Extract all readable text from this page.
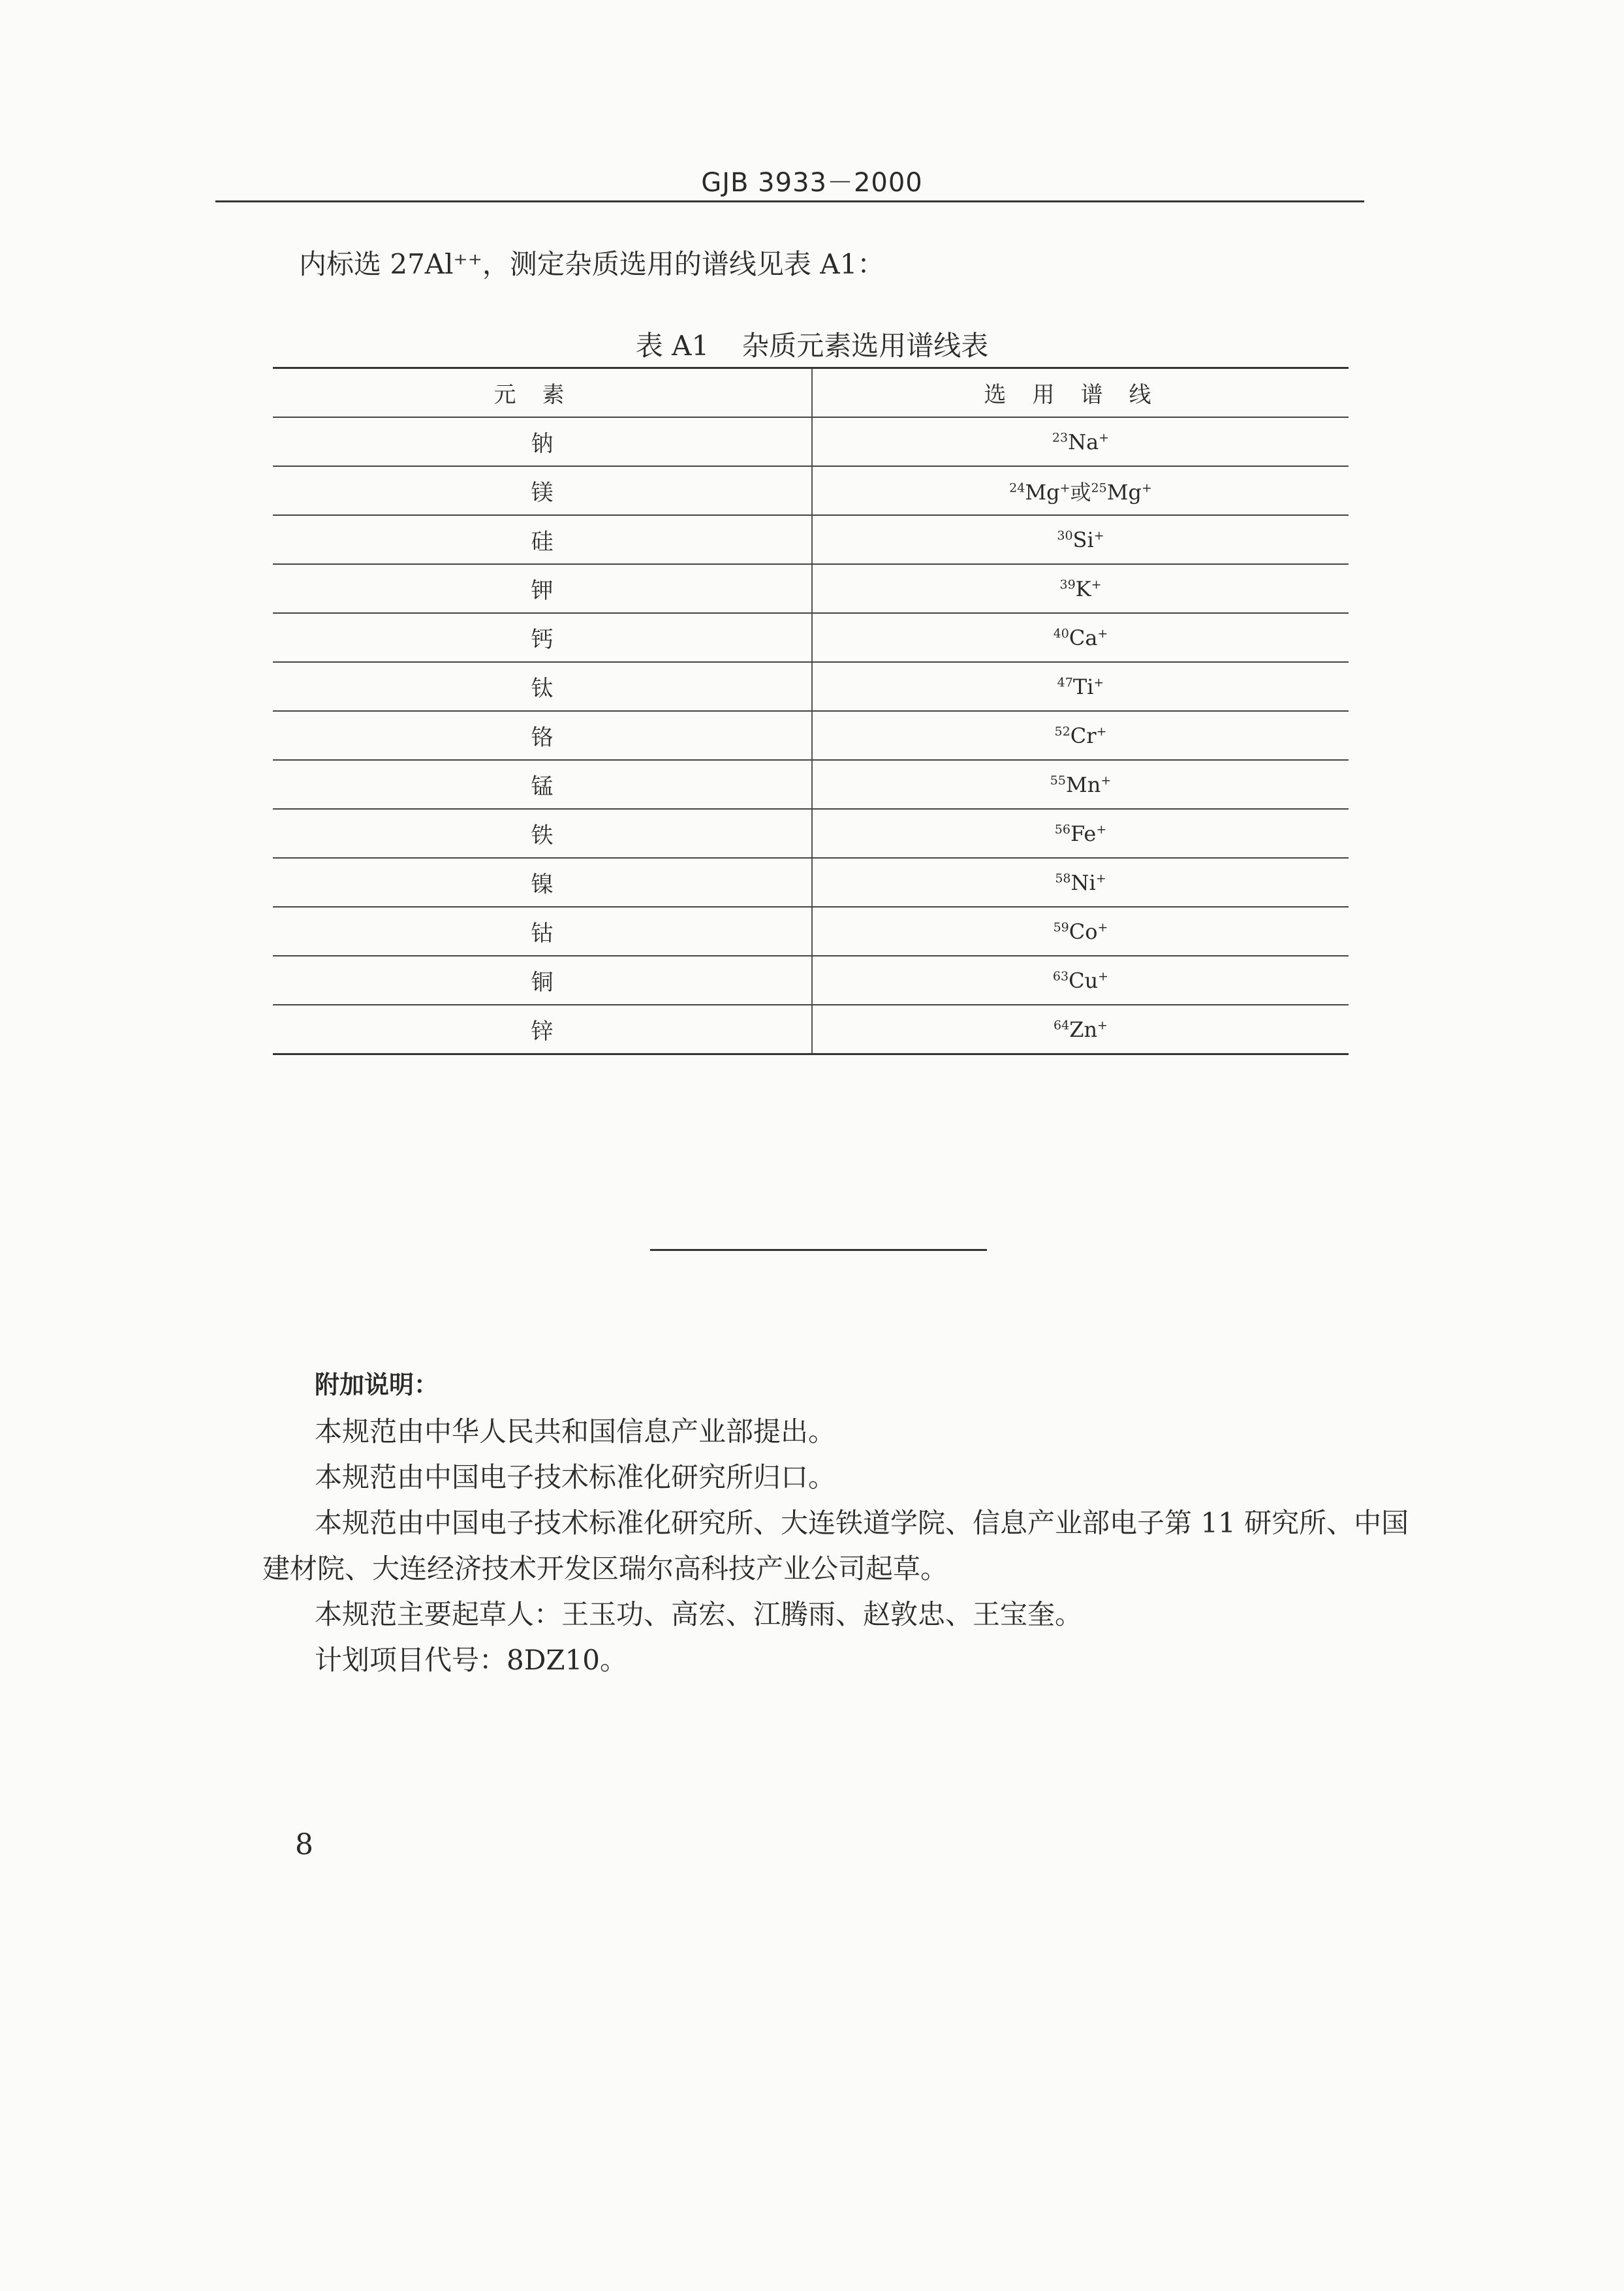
GJB 3933－2000
内标选 27Al⁺⁺，测定杂质选用的谱线见表 A1：
表 A1 杂质元素选用谱线表
元素	选用谱线
钠	$^{23}$Na+
镁	$^{24}$Mg+或$^{25}$Mg+
硅	$^{30}$Si+
钾	$^{39}$K+
钙	$^{40}$Ca+
钛	$^{47}$Ti+
铬	$^{52}$Cr+
锰	$^{55}$Mn+
铁	$^{56}$Fe+
镍	$^{58}$Ni+
钴	$^{59}$Co+
铜	$^{63}$Cu+
锌	$^{64}$Zn+
附加说明：
本规范由中华人民共和国信息产业部提出。
本规范由中国电子技术标准化研究所归口。
本规范由中国电子技术标准化研究所、大连铁道学院、信息产业部电子第 11 研究所、中国
建材院、大连经济技术开发区瑞尔高科技产业公司起草。
本规范主要起草人：王玉功、高宏、江腾雨、赵敦忠、王宝奎。
计划项目代号：8DZ10。
8
